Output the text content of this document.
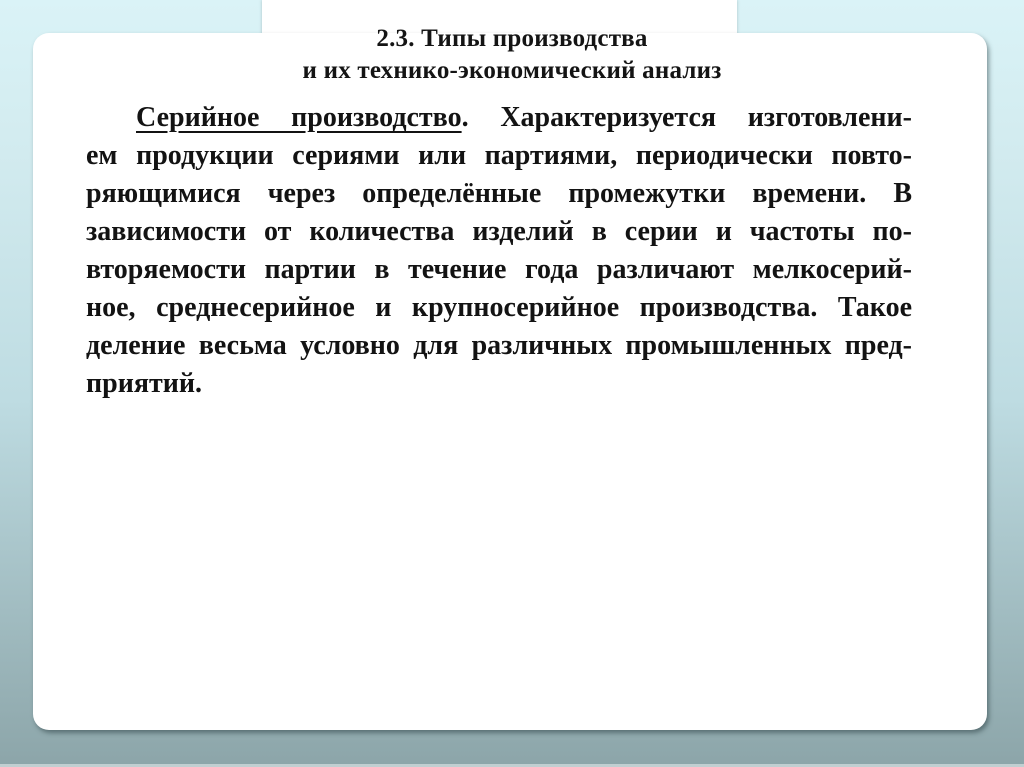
2.3. Типы производства
и их технико-экономический анализ
Серийное производство. Характеризуется изготовлени-
ем продукции сериями или партиями, периодически повто-
ряющимися через определённые промежутки времени. В
зависимости от количества изделий в серии и частоты по-
вторяемости партии в течение года различают мелкосерий-
ное, среднесерийное и крупносерийное производства. Такое
деление весьма условно для различных промышленных пред-
приятий.
